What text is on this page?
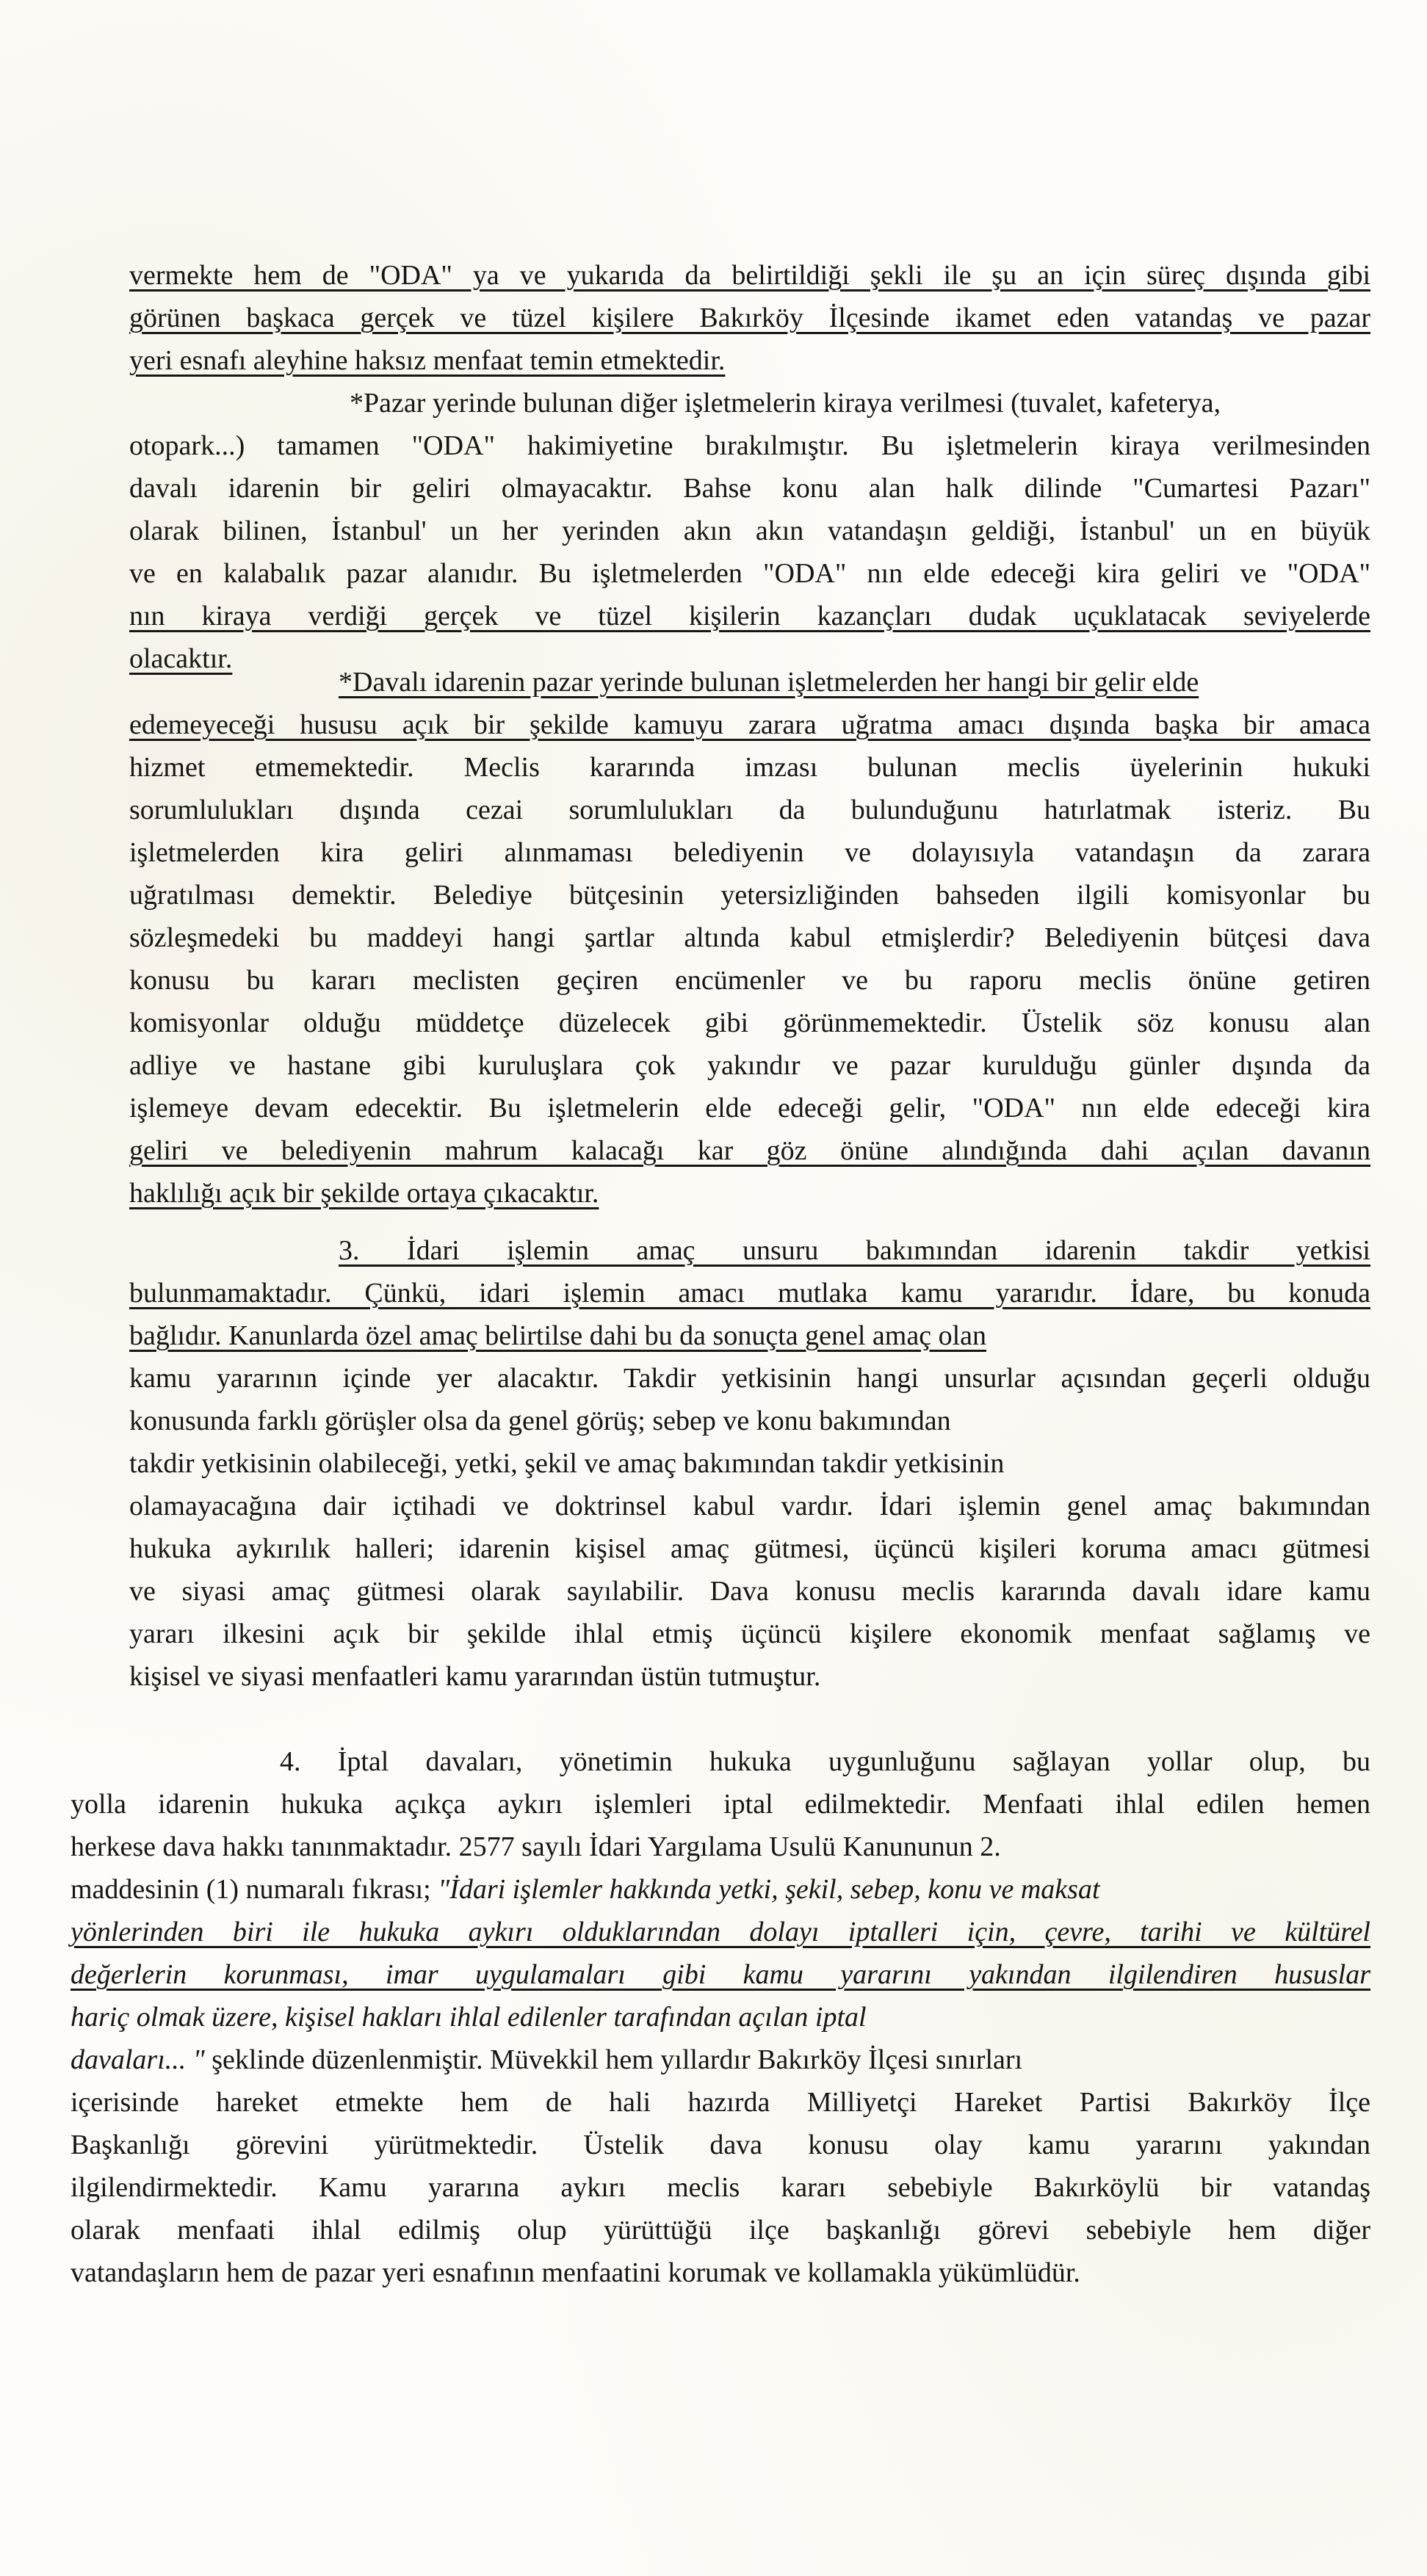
vermekte hem de "ODA" ya ve yukarıda da belirtildiği şekli ile şu an için süreç dışında gibi
görünen başkaca gerçek ve tüzel kişilere Bakırköy İlçesinde ikamet eden vatandaş ve pazar
yeri esnafı aleyhine haksız menfaat temin etmektedir.
*Pazar yerinde bulunan diğer işletmelerin kiraya verilmesi (tuvalet, kafeterya,
otopark...) tamamen "ODA" hakimiyetine bırakılmıştır. Bu işletmelerin kiraya verilmesinden
davalı idarenin bir geliri olmayacaktır. Bahse konu alan halk dilinde "Cumartesi Pazarı"
olarak bilinen, İstanbul' un her yerinden akın akın vatandaşın geldiği, İstanbul' un en büyük
ve en kalabalık pazar alanıdır. Bu işletmelerden "ODA" nın elde edeceği kira geliri ve "ODA"
nın kiraya verdiği gerçek ve tüzel kişilerin kazançları dudak uçuklatacak seviyelerde
olacaktır.
*Davalı idarenin pazar yerinde bulunan işletmelerden her hangi bir gelir elde
edemeyeceği hususu açık bir şekilde kamuyu zarara uğratma amacı dışında başka bir amaca
hizmet etmemektedir. Meclis kararında imzası bulunan meclis üyelerinin hukuki
sorumlulukları dışında cezai sorumlulukları da bulunduğunu hatırlatmak isteriz. Bu
işletmelerden kira geliri alınmaması belediyenin ve dolayısıyla vatandaşın da zarara
uğratılması demektir. Belediye bütçesinin yetersizliğinden bahseden ilgili komisyonlar bu
sözleşmedeki bu maddeyi hangi şartlar altında kabul etmişlerdir? Belediyenin bütçesi dava
konusu bu kararı meclisten geçiren encümenler ve bu raporu meclis önüne getiren
komisyonlar olduğu müddetçe düzelecek gibi görünmemektedir. Üstelik söz konusu alan
adliye ve hastane gibi kuruluşlara çok yakındır ve pazar kurulduğu günler dışında da
işlemeye devam edecektir. Bu işletmelerin elde edeceği gelir, "ODA" nın elde edeceği kira
geliri ve belediyenin mahrum kalacağı kar göz önüne alındığında dahi açılan davanın
haklılığı açık bir şekilde ortaya çıkacaktır.
3. İdari işlemin amaç unsuru bakımından idarenin takdir yetkisi
bulunmamaktadır. Çünkü, idari işlemin amacı mutlaka kamu yararıdır. İdare, bu konuda
bağlıdır. Kanunlarda özel amaç belirtilse dahi bu da sonuçta genel amaç olan
kamu yararının içinde yer alacaktır. Takdir yetkisinin hangi unsurlar açısından geçerli olduğu
konusunda farklı görüşler olsa da genel görüş; sebep ve konu bakımından
takdir yetkisinin olabileceği, yetki, şekil ve amaç bakımından takdir yetkisinin
olamayacağına dair içtihadi ve doktrinsel kabul vardır. İdari işlemin genel amaç bakımından
hukuka aykırılık halleri; idarenin kişisel amaç gütmesi, üçüncü kişileri koruma amacı gütmesi
ve siyasi amaç gütmesi olarak sayılabilir. Dava konusu meclis kararında davalı idare kamu
yararı ilkesini açık bir şekilde ihlal etmiş üçüncü kişilere ekonomik menfaat sağlamış ve
kişisel ve siyasi menfaatleri kamu yararından üstün tutmuştur.
4. İptal davaları, yönetimin hukuka uygunluğunu sağlayan yollar olup, bu
yolla idarenin hukuka açıkça aykırı işlemleri iptal edilmektedir. Menfaati ihlal edilen hemen
herkese dava hakkı tanınmaktadır. 2577 sayılı İdari Yargılama Usulü Kanununun 2.
maddesinin (1) numaralı fıkrası; "İdari işlemler hakkında yetki, şekil, sebep, konu ve maksat
yönlerinden biri ile hukuka aykırı olduklarından dolayı iptalleri için, çevre, tarihi ve kültürel
değerlerin korunması, imar uygulamaları gibi kamu yararını yakından ilgilendiren hususlar
hariç olmak üzere, kişisel hakları ihlal edilenler tarafından açılan iptal
davaları... " şeklinde düzenlenmiştir. Müvekkil hem yıllardır Bakırköy İlçesi sınırları
içerisinde hareket etmekte hem de hali hazırda Milliyetçi Hareket Partisi Bakırköy İlçe
Başkanlığı görevini yürütmektedir. Üstelik dava konusu olay kamu yararını yakından
ilgilendirmektedir. Kamu yararına aykırı meclis kararı sebebiyle Bakırköylü bir vatandaş
olarak menfaati ihlal edilmiş olup yürüttüğü ilçe başkanlığı görevi sebebiyle hem diğer
vatandaşların hem de pazar yeri esnafının menfaatini korumak ve kollamakla yükümlüdür.
